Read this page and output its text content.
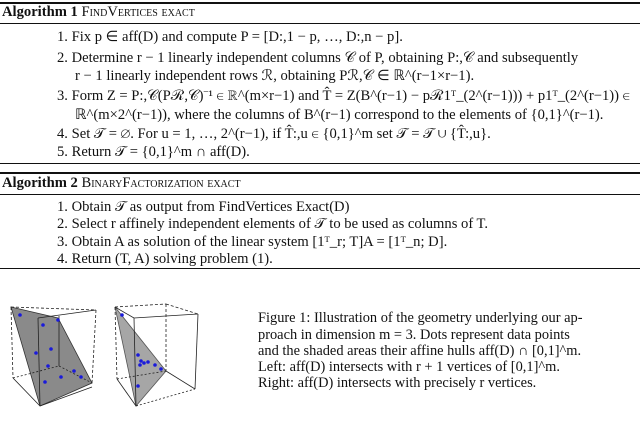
Algorithm 1 FindVertices exact
1. Fix p ∈ aff(D) and compute P = [D:,1 − p, …, D:,n − p].
2. Determine r − 1 linearly independent columns 𝒞 of P, obtaining P:,𝒞 and subsequently
r − 1 linearly independent rows ℛ, obtaining Pℛ,𝒞 ∈ ℝ^(r−1×r−1).
3. Form Z = P:,𝒞(Pℛ,𝒞)⁻¹ ∈ ℝ^(m×r−1) and T̂ = Z(B^(r−1) − pℛ1ᵀ_(2^(r−1))) + p1ᵀ_(2^(r−1)) ∈
ℝ^(m×2^(r−1)), where the columns of B^(r−1) correspond to the elements of {0,1}^(r−1).
4. Set 𝒯 = ∅. For u = 1, …, 2^(r−1), if T̂:,u ∈ {0,1}^m set 𝒯 = 𝒯 ∪ {T̂:,u}.
5. Return 𝒯 = {0,1}^m ∩ aff(D).
Algorithm 2 BinaryFactorization exact
1. Obtain 𝒯 as output from FindVertices Exact(D)
2. Select r affinely independent elements of 𝒯 to be used as columns of T.
3. Obtain A as solution of the linear system [1ᵀ_r; T]A = [1ᵀ_n; D].
4. Return (T, A) solving problem (1).
Figure 1: Illustration of the geometry underlying our ap-
proach in dimension m = 3. Dots represent data points
and the shaded areas their affine hulls aff(D) ∩ [0,1]^m.
Left: aff(D) intersects with r + 1 vertices of [0,1]^m.
Right: aff(D) intersects with precisely r vertices.
